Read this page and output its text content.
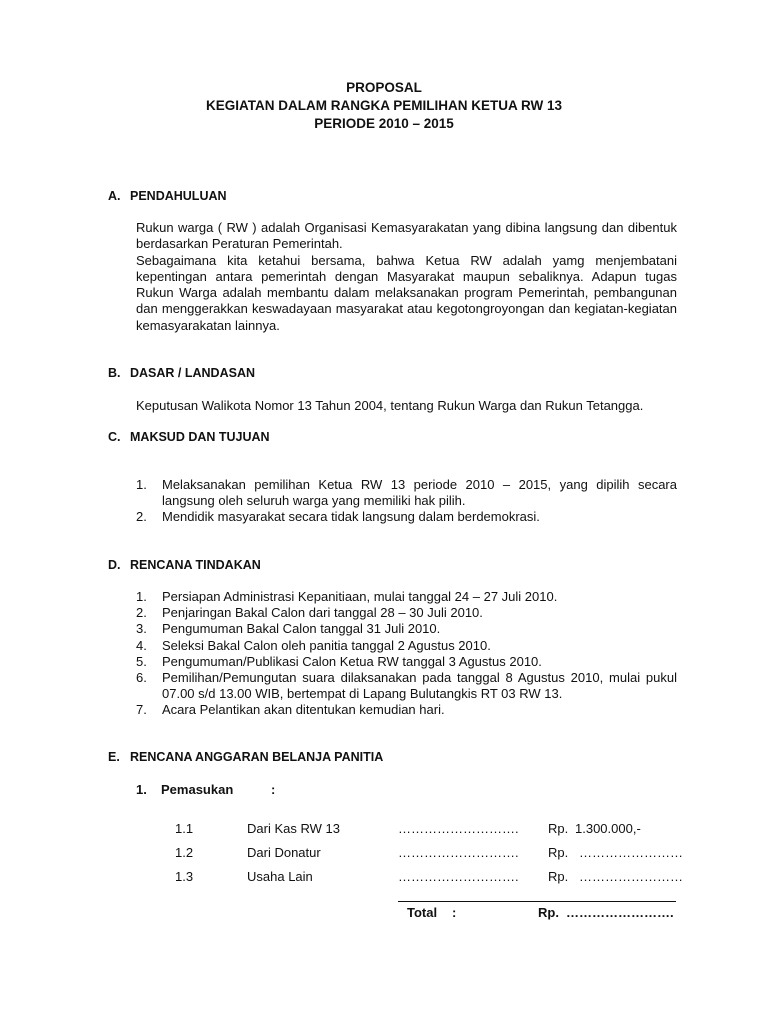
PROPOSAL
KEGIATAN DALAM RANGKA PEMILIHAN KETUA RW 13
PERIODE 2010 – 2015
A. PENDAHULUAN

Rukun warga ( RW ) adalah Organisasi Kemasyarakatan yang dibina langsung dan dibentuk berdasarkan Peraturan Pemerintah.

Sebagaimana kita ketahui bersama, bahwa Ketua RW adalah yamg menjembatani kepentingan antara pemerintah dengan Masyarakat maupun sebaliknya. Adapun tugas Rukun Warga adalah membantu dalam melaksanakan program Pemerintah, pembangunan dan menggerakkan keswadayaan masyarakat atau kegotongroyongan dan kegiatan-kegiatan kemasyarakatan lainnya.

B. DASAR / LANDASAN
Keputusan Walikota Nomor 13 Tahun 2004, tentang Rukun Warga dan Rukun Tetangga.
C. MAKSUD DAN TUJUAN
1. Melaksanakan pemilihan Ketua RW 13 periode 2010 – 2015, yang dipilih secara langsung oleh seluruh warga yang memiliki hak pilih.
2. Mendidik masyarakat secara tidak langsung dalam berdemokrasi.
D. RENCANA TINDAKAN
1. Persiapan Administrasi Kepanitiaan, mulai tanggal 24 – 27 Juli 2010.
2. Penjaringan Bakal Calon dari tanggal 28 – 30 Juli 2010.
3. Pengumuman Bakal Calon tanggal 31 Juli 2010.
4. Seleksi Bakal Calon oleh panitia tanggal 2 Agustus 2010.
5. Pengumuman/Publikasi Calon Ketua RW tanggal 3 Agustus 2010.
6. Pemilihan/Pemungutan suara dilaksanakan pada tanggal 8 Agustus 2010, mulai pukul 07.00 s/d 13.00 WIB, bertempat di Lapang Bulutangkis RT 03 RW 13.
7. Acara Pelantikan akan ditentukan kemudian hari.
E. RENCANA ANGGARAN BELANJA PANITIA
1. Pemasukan	:
1.1	Dari Kas RW 13	………………………. Rp. 1.300.000,-
1.2	Dari Donatur	………………………. Rp. ……………………
1.3	Usaha Lain	………………………. Rp. ……………………
Total :	Rp. …………………….
